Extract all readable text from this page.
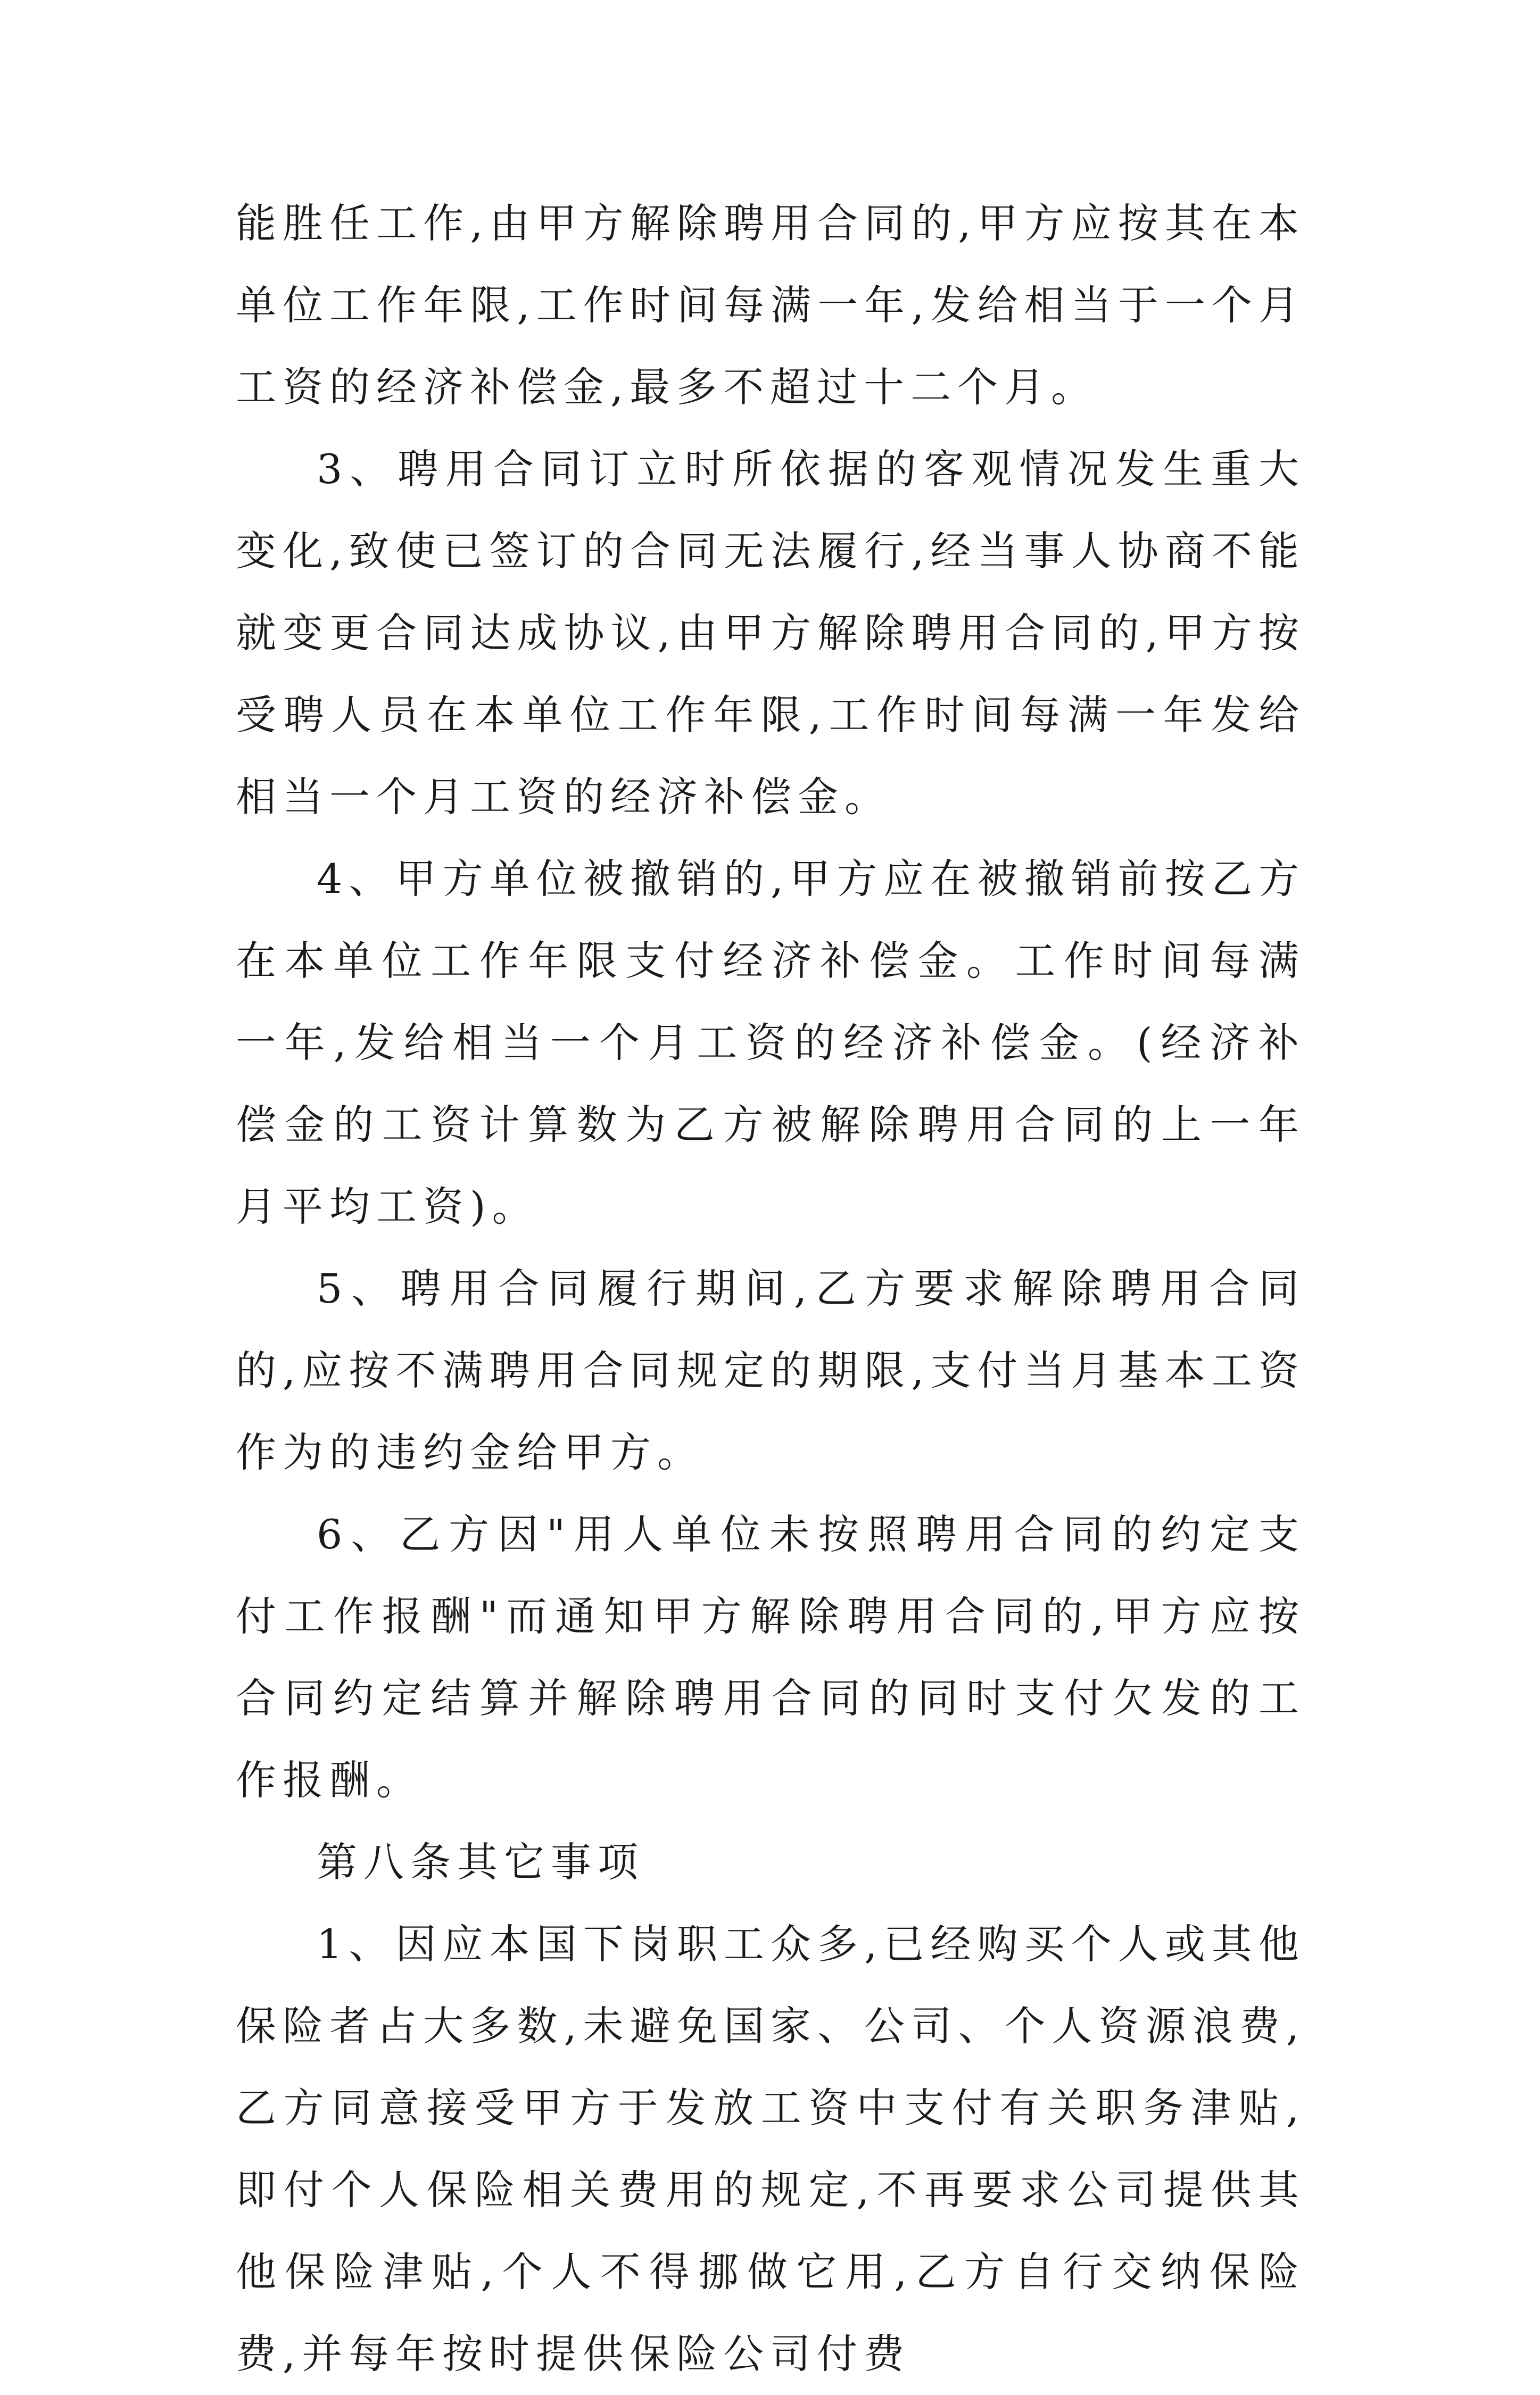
能胜任工作,由甲方解除聘用合同的,甲方应按其在本单位工作年限,工作时间每满一年,发给相当于一个月工资的经济补偿金,最多不超过十二个月。

3、聘用合同订立时所依据的客观情况发生重大变化,致使已签订的合同无法履行,经当事人协商不能就变更合同达成协议,由甲方解除聘用合同的,甲方按受聘人员在本单位工作年限,工作时间每满一年发给相当一个月工资的经济补偿金。

4、甲方单位被撤销的,甲方应在被撤销前按乙方在本单位工作年限支付经济补偿金。工作时间每满一年,发给相当一个月工资的经济补偿金。(经济补偿金的工资计算数为乙方被解除聘用合同的上一年月平均工资)。

5、聘用合同履行期间,乙方要求解除聘用合同的,应按不满聘用合同规定的期限,支付当月基本工资作为的违约金给甲方。

6、乙方因"用人单位未按照聘用合同的约定支付工作报酬"而通知甲方解除聘用合同的,甲方应按合同约定结算并解除聘用合同的同时支付欠发的工作报酬。

第八条其它事项

1、因应本国下岗职工众多,已经购买个人或其他保险者占大多数,未避免国家、公司、个人资源浪费,乙方同意接受甲方于发放工资中支付有关职务津贴,即付个人保险相关费用的规定,不再要求公司提供其他保险津贴,个人不得挪做它用,乙方自行交纳保险费,并每年按时提供保险公司付费
